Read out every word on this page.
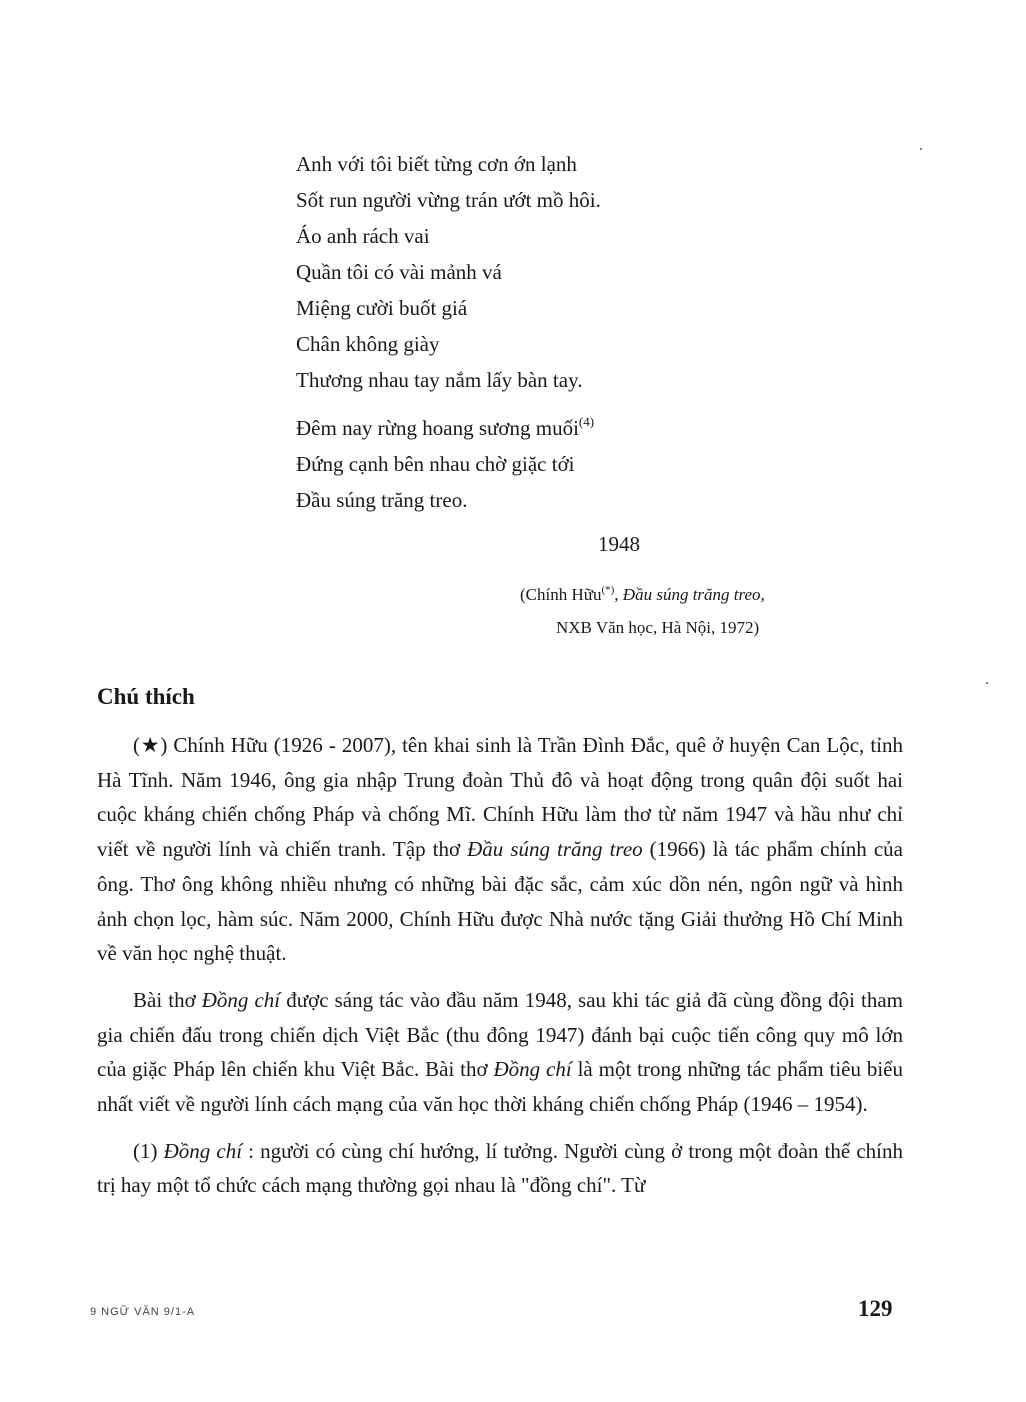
Anh với tôi biết từng cơn ớn lạnh
Sốt run người vừng trán ướt mồ hôi.
Áo anh rách vai
Quần tôi có vài mảnh vá
Miệng cười buốt giá
Chân không giày
Thương nhau tay nắm lấy bàn tay.
Đêm nay rừng hoang sương muối$^{(4)}$
Đứng cạnh bên nhau chờ giặc tới
Đầu súng trăng treo.
1948
(Chính Hữu(*), Đầu súng trăng treo,
NXB Văn học, Hà Nội, 1972)
Chú thích

(★) Chính Hữu (1926 - 2007), tên khai sinh là Trần Đình Đắc, quê ở huyện Can Lộc, tỉnh Hà Tĩnh. Năm 1946, ông gia nhập Trung đoàn Thủ đô và hoạt động trong quân đội suốt hai cuộc kháng chiến chống Pháp và chống Mĩ. Chính Hữu làm thơ từ năm 1947 và hầu như chỉ viết về người lính và chiến tranh. Tập thơ Đầu súng trăng treo (1966) là tác phẩm chính của ông. Thơ ông không nhiều nhưng có những bài đặc sắc, cảm xúc dồn nén, ngôn ngữ và hình ảnh chọn lọc, hàm súc. Năm 2000, Chính Hữu được Nhà nước tặng Giải thưởng Hồ Chí Minh về văn học nghệ thuật.

Bài thơ Đồng chí được sáng tác vào đầu năm 1948, sau khi tác giả đã cùng đồng đội tham gia chiến đấu trong chiến dịch Việt Bắc (thu đông 1947) đánh bại cuộc tiến công quy mô lớn của giặc Pháp lên chiến khu Việt Bắc. Bài thơ Đồng chí là một trong những tác phẩm tiêu biểu nhất viết về người lính cách mạng của văn học thời kháng chiến chống Pháp (1946 – 1954).

(1) Đồng chí : người có cùng chí hướng, lí tưởng. Người cùng ở trong một đoàn thể chính trị hay một tổ chức cách mạng thường gọi nhau là "đồng chí". Từ

9 NGỮ VĂN 9/1-A	129
